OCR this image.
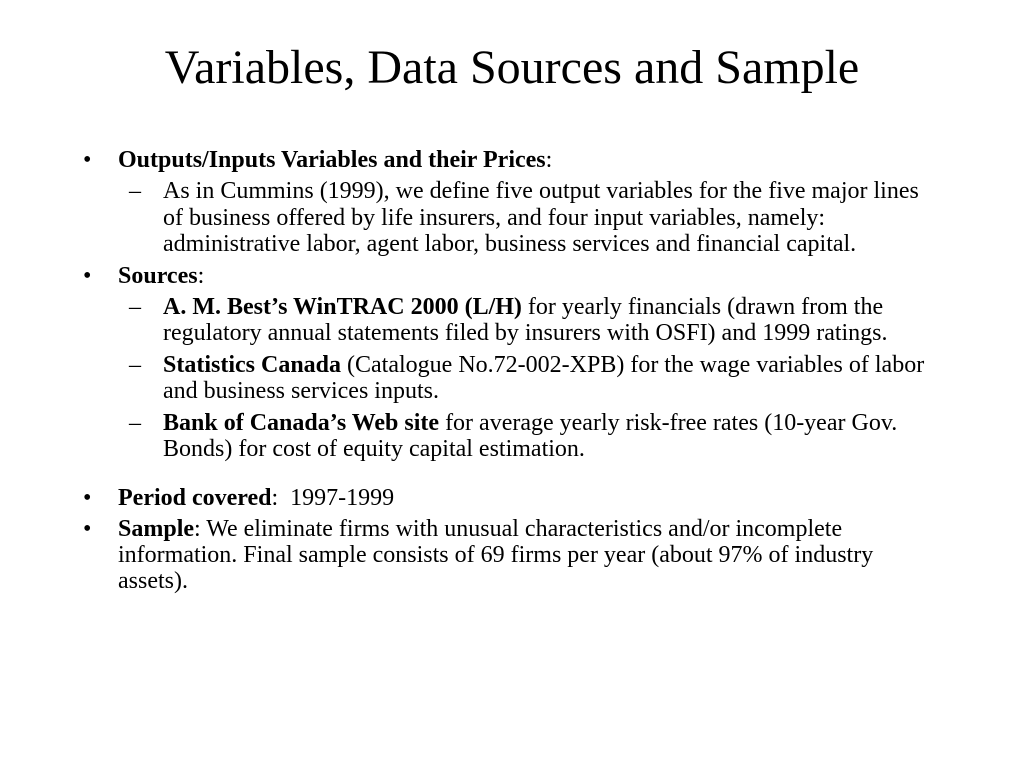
Variables, Data Sources and Sample
• Outputs/Inputs Variables and their Prices:
– As in Cummins (1999), we define five output variables for the five major lines of business offered by life insurers, and four input variables, namely: administrative labor, agent labor, business services and financial capital.
• Sources:
– A. M. Best’s WinTRAC 2000 (L/H) for yearly financials (drawn from the regulatory annual statements filed by insurers with OSFI) and 1999 ratings.
– Statistics Canada (Catalogue No.72-002-XPB) for the wage variables of labor and business services inputs.
– Bank of Canada’s Web site for average yearly risk-free rates (10-year Gov. Bonds) for cost of equity capital estimation.
• Period covered:  1997-1999
• Sample: We eliminate firms with unusual characteristics and/or incomplete information. Final sample consists of 69 firms per year (about 97% of industry assets).
